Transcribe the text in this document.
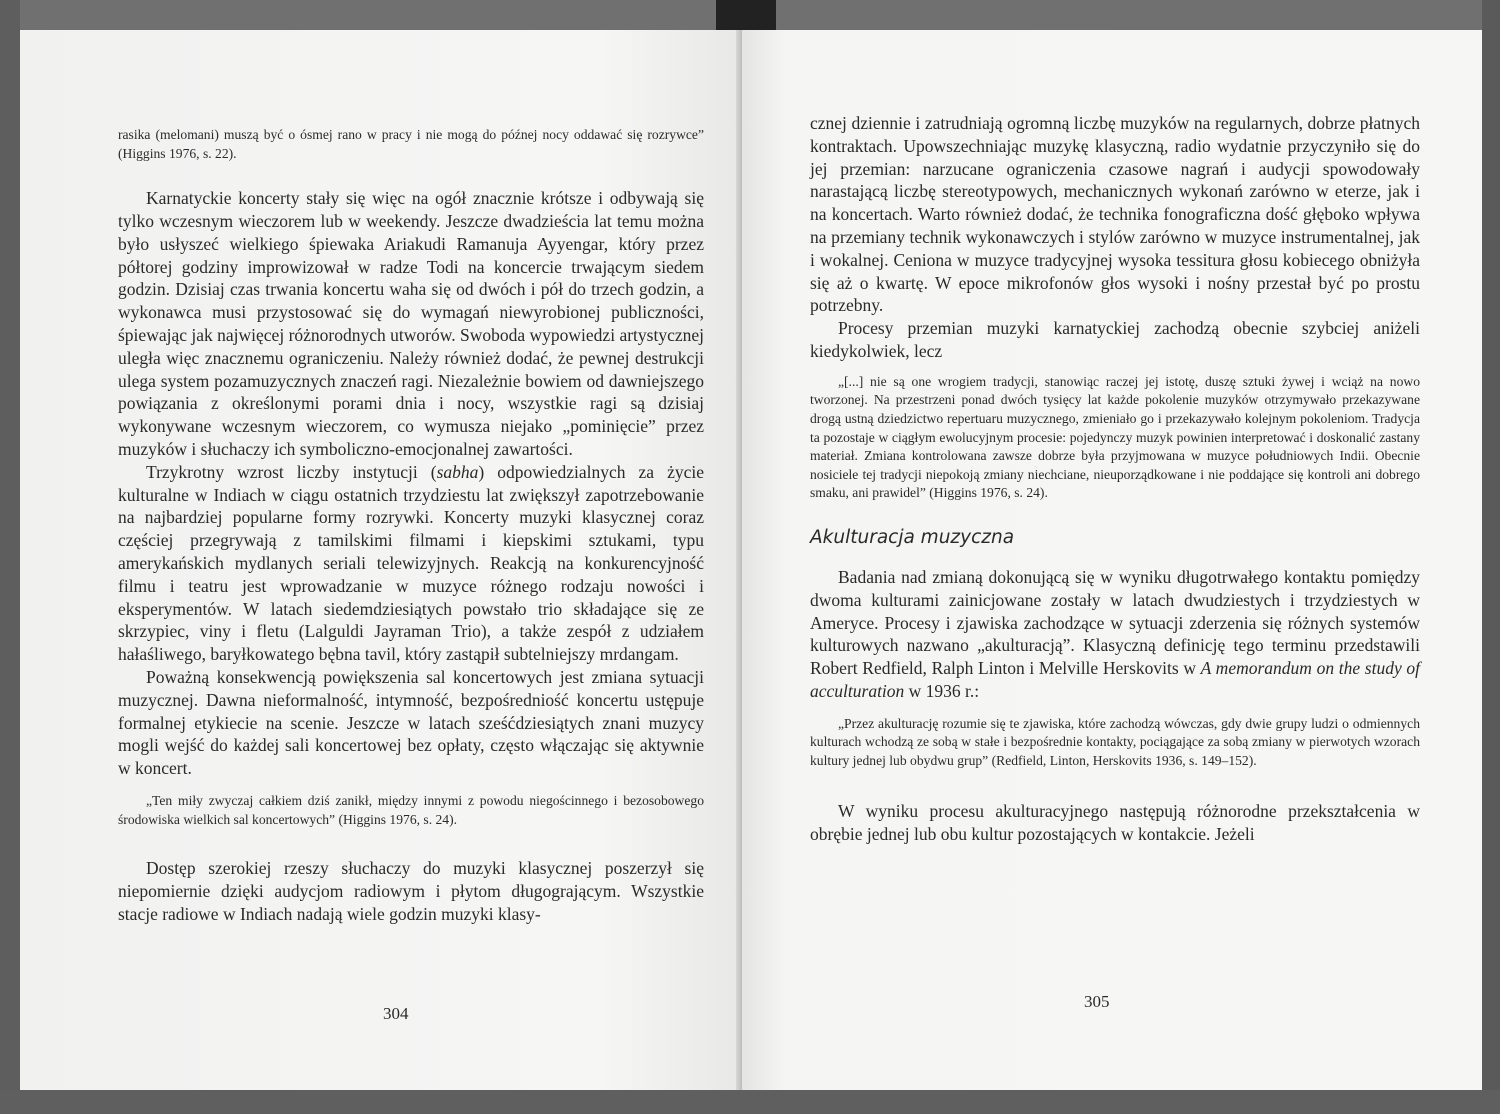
rasika (melomani) muszą być o ósmej rano w pracy i nie mogą do późnej nocy oddawać się rozrywce” (Higgins 1976, s. 22).

Karnatyckie koncerty stały się więc na ogół znacznie krótsze i odbywają się tylko wczesnym wieczorem lub w weekendy. Jeszcze dwadzieścia lat temu można było usłyszeć wielkiego śpiewaka Ariakudi Ramanuja Ayyengar, który przez półtorej godziny improwizował w radze Todi na koncercie trwającym siedem godzin. Dzisiaj czas trwania koncertu waha się od dwóch i pół do trzech godzin, a wykonawca musi przystosować się do wymagań niewyrobionej publiczności, śpiewając jak najwięcej różnorodnych utworów. Swoboda wypowiedzi artystycznej uległa więc znacznemu ograniczeniu. Należy również dodać, że pewnej destrukcji ulega system pozamuzycznych znaczeń ragi. Niezależnie bowiem od dawniejszego powiązania z określonymi porami dnia i nocy, wszystkie ragi są dzisiaj wykonywane wczesnym wieczorem, co wymusza niejako „pominięcie” przez muzyków i słuchaczy ich symboliczno-emocjonalnej zawartości.

Trzykrotny wzrost liczby instytucji (sabha) odpowiedzialnych za życie kulturalne w Indiach w ciągu ostatnich trzydziestu lat zwiększył zapotrzebowanie na najbardziej popularne formy rozrywki. Koncerty muzyki klasycznej coraz częściej przegrywają z tamilskimi filmami i kiepskimi sztukami, typu amerykańskich mydlanych seriali telewizyjnych. Reakcją na konkurencyjność filmu i teatru jest wprowadzanie w muzyce różnego rodzaju nowości i eksperymentów. W latach siedemdziesiątych powstało trio składające się ze skrzypiec, viny i fletu (Lalguldi Jayraman Trio), a także zespół z udziałem hałaśliwego, baryłkowatego bębna tavil, który zastąpił subtelniejszy mrdangam.

Poważną konsekwencją powiększenia sal koncertowych jest zmiana sytuacji muzycznej. Dawna nieformalność, intymność, bezpośredniość koncertu ustępuje formalnej etykiecie na scenie. Jeszcze w latach sześćdziesiątych znani muzycy mogli wejść do każdej sali koncertowej bez opłaty, często włączając się aktywnie w koncert.

„Ten miły zwyczaj całkiem dziś zanikł, między innymi z powodu niegościnnego i bezosobowego środowiska wielkich sal koncertowych” (Higgins 1976, s. 24).

Dostęp szerokiej rzeszy słuchaczy do muzyki klasycznej poszerzył się niepomiernie dzięki audycjom radiowym i płytom długogrającym. Wszystkie stacje radiowe w Indiach nadają wiele godzin muzyki klasy-

304

cznej dziennie i zatrudniają ogromną liczbę muzyków na regularnych, dobrze płatnych kontraktach. Upowszechniając muzykę klasyczną, radio wydatnie przyczyniło się do jej przemian: narzucane ograniczenia czasowe nagrań i audycji spowodowały narastającą liczbę stereotypowych, mechanicznych wykonań zarówno w eterze, jak i na koncertach. Warto również dodać, że technika fonograficzna dość głęboko wpływa na przemiany technik wykonawczych i stylów zarówno w muzyce instrumentalnej, jak i wokalnej. Ceniona w muzyce tradycyjnej wysoka tessitura głosu kobiecego obniżyła się aż o kwartę. W epoce mikrofonów głos wysoki i nośny przestał być po prostu potrzebny.

Procesy przemian muzyki karnatyckiej zachodzą obecnie szybciej aniżeli kiedykolwiek, lecz

„[...] nie są one wrogiem tradycji, stanowiąc raczej jej istotę, duszę sztuki żywej i wciąż na nowo tworzonej. Na przestrzeni ponad dwóch tysięcy lat każde pokolenie muzyków otrzymywało przekazywane drogą ustną dziedzictwo repertuaru muzycznego, zmieniało go i przekazywało kolejnym pokoleniom. Tradycja ta pozostaje w ciągłym ewolucyjnym procesie: pojedynczy muzyk powinien interpretować i doskonalić zastany materiał. Zmiana kontrolowana zawsze dobrze była przyjmowana w muzyce południowych Indii. Obecnie nosiciele tej tradycji niepokoją zmiany niechciane, nieuporządkowane i nie poddające się kontroli ani dobrego smaku, ani prawidel” (Higgins 1976, s. 24).

Akulturacja muzyczna

Badania nad zmianą dokonującą się w wyniku długotrwałego kontaktu pomiędzy dwoma kulturami zainicjowane zostały w latach dwudziestych i trzydziestych w Ameryce. Procesy i zjawiska zachodzące w sytuacji zderzenia się różnych systemów kulturowych nazwano „akulturacją”. Klasyczną definicję tego terminu przedstawili Robert Redfield, Ralph Linton i Melville Herskovits w A memorandum on the study of acculturation w 1936 r.:

„Przez akulturację rozumie się te zjawiska, które zachodzą wówczas, gdy dwie grupy ludzi o odmiennych kulturach wchodzą ze sobą w stałe i bezpośrednie kontakty, pociągające za sobą zmiany w pierwotych wzorach kultury jednej lub obydwu grup” (Redfield, Linton, Herskovits 1936, s. 149–152).

W wyniku procesu akulturacyjnego następują różnorodne przekształcenia w obrębie jednej lub obu kultur pozostających w kontakcie. Jeżeli

305
